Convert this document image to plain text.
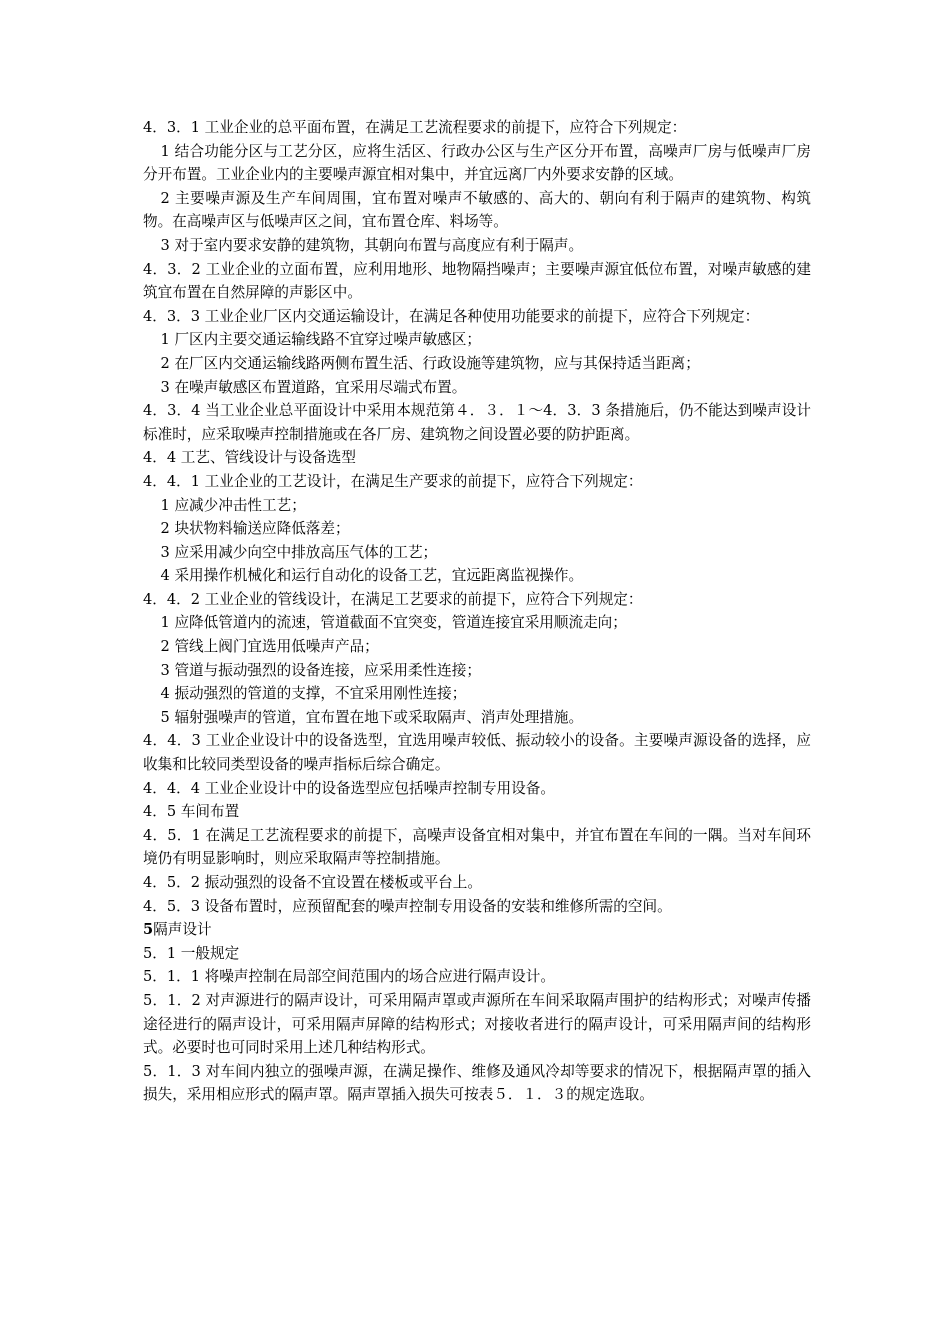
4．3．1 工业企业的总平面布置，在满足工艺流程要求的前提下，应符合下列规定：

1 结合功能分区与工艺分区，应将生活区、行政办公区与生产区分开布置，高噪声厂房与低噪声厂房分开布置。工业企业内的主要噪声源宜相对集中，并宜远离厂内外要求安静的区域。

2 主要噪声源及生产车间周围，宜布置对噪声不敏感的、高大的、朝向有利于隔声的建筑物、构筑物。在高噪声区与低噪声区之间，宜布置仓库、料场等。

3 对于室内要求安静的建筑物，其朝向布置与高度应有利于隔声。

4．3．2 工业企业的立面布置，应利用地形、地物隔挡噪声；主要噪声源宜低位布置，对噪声敏感的建筑宜布置在自然屏障的声影区中。

4．3．3 工业企业厂区内交通运输设计，在满足各种使用功能要求的前提下，应符合下列规定：

1 厂区内主要交通运输线路不宜穿过噪声敏感区；

2 在厂区内交通运输线路两侧布置生活、行政设施等建筑物，应与其保持适当距离；

3 在噪声敏感区布置道路，宜采用尽端式布置。

4．3．4 当工业企业总平面设计中采用本规范第４．３．１～4．3．3 条措施后，仍不能达到噪声设计标准时，应采取噪声控制措施或在各厂房、建筑物之间设置必要的防护距离。

4．4 工艺、管线设计与设备选型

4．4．1 工业企业的工艺设计，在满足生产要求的前提下，应符合下列规定：

1 应减少冲击性工艺；

2 块状物料输送应降低落差；

3 应采用减少向空中排放高压气体的工艺；

4 采用操作机械化和运行自动化的设备工艺，宜远距离监视操作。

4．4．2 工业企业的管线设计，在满足工艺要求的前提下，应符合下列规定：

1 应降低管道内的流速，管道截面不宜突变，管道连接宜采用顺流走向；

2 管线上阀门宜选用低噪声产品；

3 管道与振动强烈的设备连接，应采用柔性连接；

4 振动强烈的管道的支撑，不宜采用刚性连接；

5 辐射强噪声的管道，宜布置在地下或采取隔声、消声处理措施。

4．4．3 工业企业设计中的设备选型，宜选用噪声较低、振动较小的设备。主要噪声源设备的选择，应收集和比较同类型设备的噪声指标后综合确定。

4．4．4 工业企业设计中的设备选型应包括噪声控制专用设备。

4．5 车间布置

4．5．1 在满足工艺流程要求的前提下，高噪声设备宜相对集中，并宜布置在车间的一隅。当对车间环境仍有明显影响时，则应采取隔声等控制措施。

4．5．2 振动强烈的设备不宜设置在楼板或平台上。

4．5．3 设备布置时，应预留配套的噪声控制专用设备的安装和维修所需的空间。

5隔声设计

5．1 一般规定

5．1．1 将噪声控制在局部空间范围内的场合应进行隔声设计。

5．1．2 对声源进行的隔声设计，可采用隔声罩或声源所在车间采取隔声围护的结构形式；对噪声传播途径进行的隔声设计，可采用隔声屏障的结构形式；对接收者进行的隔声设计，可采用隔声间的结构形式。必要时也可同时采用上述几种结构形式。

5．1．3 对车间内独立的强噪声源，在满足操作、维修及通风冷却等要求的情况下，根据隔声罩的插入损失，采用相应形式的隔声罩。隔声罩插入损失可按表５．１．３的规定选取。
